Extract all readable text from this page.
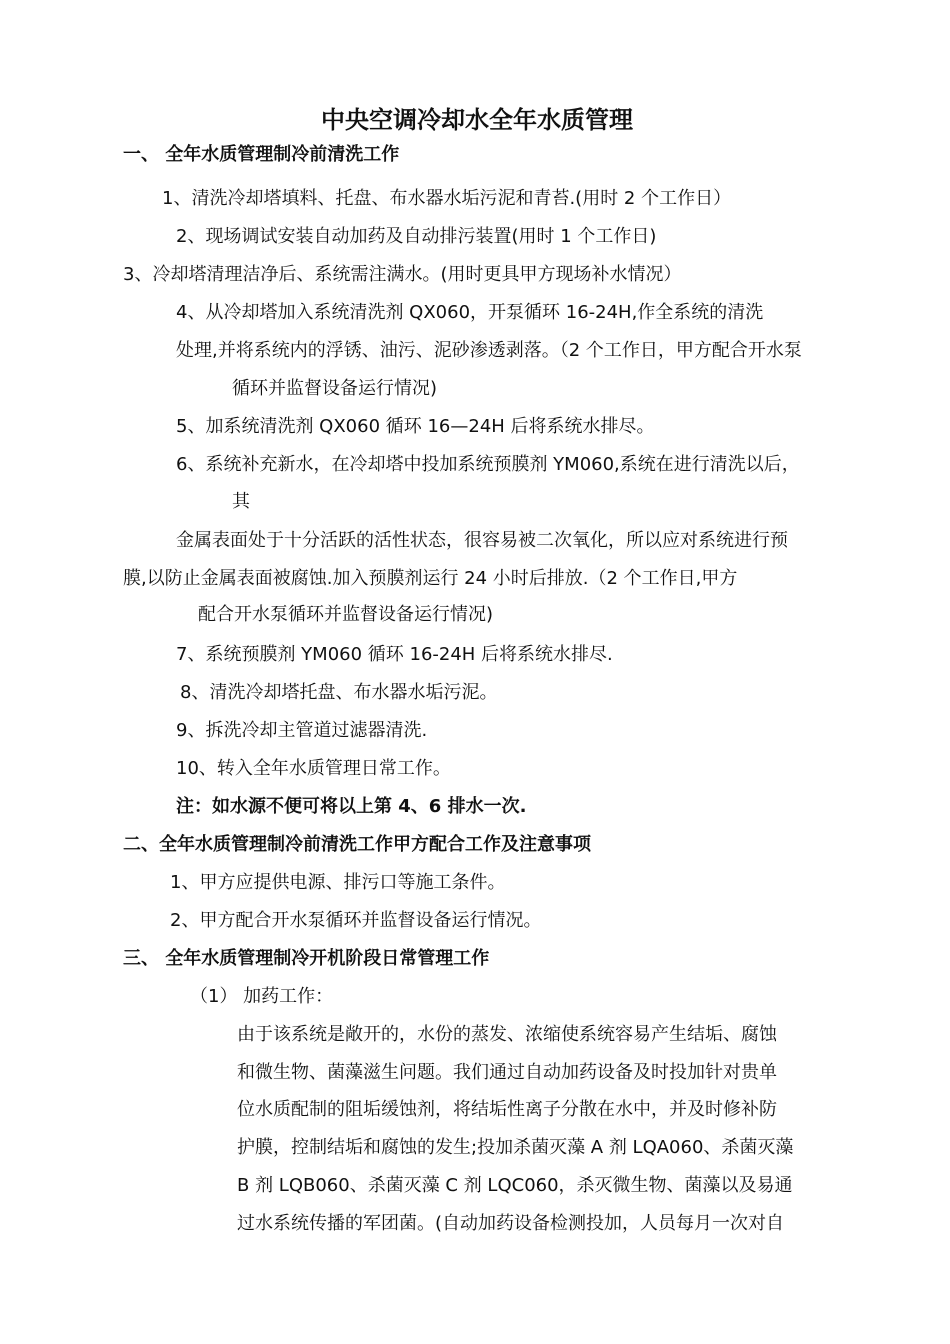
中央空调冷却水全年水质管理
一、 全年水质管理制冷前清洗工作
1、清洗冷却塔填料、托盘、布水器水垢污泥和青苔.(用时 2 个工作日）
2、现场调试安装自动加药及自动排污装置(用时 1 个工作日)
3、冷却塔清理洁净后、系统需注满水。(用时更具甲方现场补水情况）
4、从冷却塔加入系统清洗剂 QX060，开泵循环 16-24H,作全系统的清洗
处理,并将系统内的浮锈、油污、泥砂渗透剥落。（2 个工作日，甲方配合开水泵
循环并监督设备运行情况)
5、加系统清洗剂 QX060 循环 16—24H 后将系统水排尽。
6、系统补充新水，在冷却塔中投加系统预膜剂 YM060,系统在进行清洗以后，
其
金属表面处于十分活跃的活性状态，很容易被二次氧化，所以应对系统进行预
膜,以防止金属表面被腐蚀.加入预膜剂运行 24 小时后排放.（2 个工作日,甲方
配合开水泵循环并监督设备运行情况)
7、系统预膜剂 YM060 循环 16-24H 后将系统水排尽.
8、清洗冷却塔托盘、布水器水垢污泥。
9、拆洗冷却主管道过滤器清洗.
10、转入全年水质管理日常工作。
注：如水源不便可将以上第 4、6 排水一次.
二、全年水质管理制冷前清洗工作甲方配合工作及注意事项
1、甲方应提供电源、排污口等施工条件。
2、甲方配合开水泵循环并监督设备运行情况。
三、 全年水质管理制冷开机阶段日常管理工作
（1） 加药工作：
由于该系统是敞开的，水份的蒸发、浓缩使系统容易产生结垢、腐蚀
和微生物、菌藻滋生问题。我们通过自动加药设备及时投加针对贵单
位水质配制的阻垢缓蚀剂，将结垢性离子分散在水中，并及时修补防
护膜，控制结垢和腐蚀的发生;投加杀菌灭藻 A 剂 LQA060、杀菌灭藻
B 剂 LQB060、杀菌灭藻 C 剂 LQC060，杀灭微生物、菌藻以及易通
过水系统传播的军团菌。(自动加药设备检测投加，人员每月一次对自
